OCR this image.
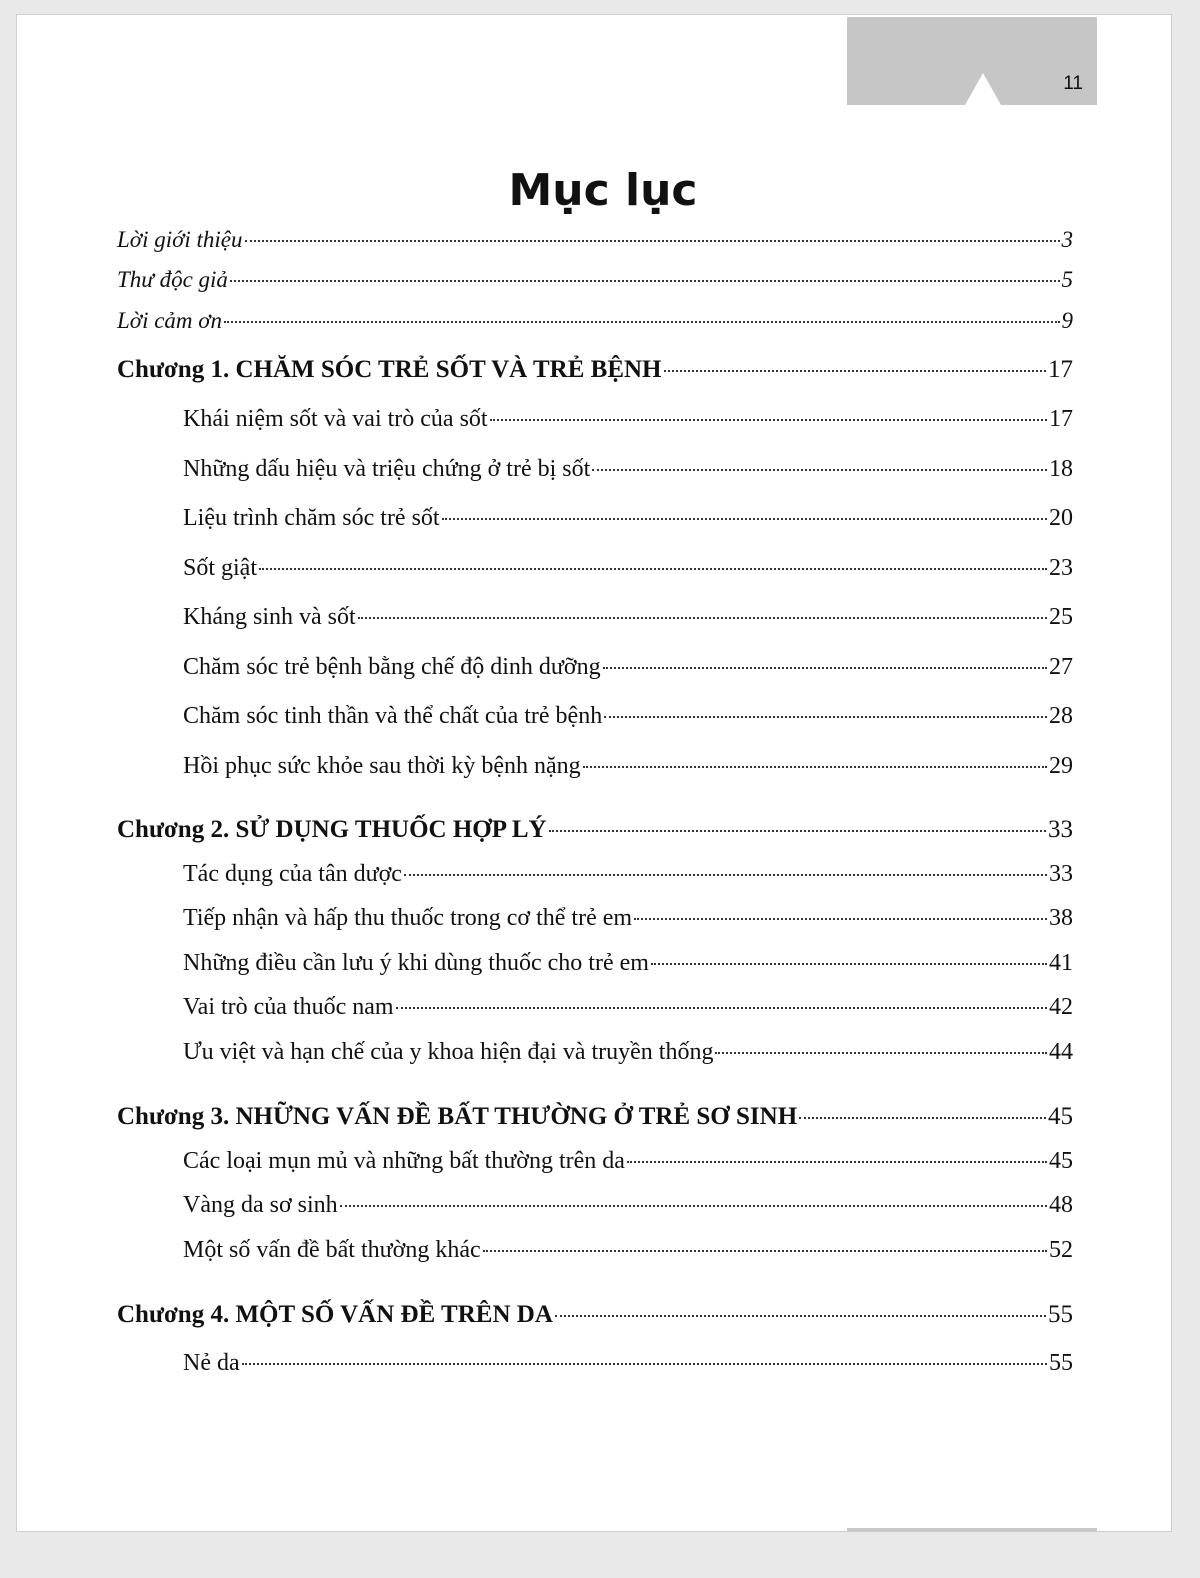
11
Mục lục
Lời giới thiệu	3
Thư độc giả	5
Lời cảm ơn	9
Chương 1. CHĂM SÓC TRẺ SỐT VÀ TRẺ BỆNH	17
Khái niệm sốt và vai trò của sốt	17
Những dấu hiệu và triệu chứng ở trẻ bị sốt	18
Liệu trình chăm sóc trẻ sốt	20
Sốt giật	23
Kháng sinh và sốt	25
Chăm sóc trẻ bệnh bằng chế độ dinh dưỡng	27
Chăm sóc tinh thần và thể chất của trẻ bệnh	28
Hồi phục sức khỏe sau thời kỳ bệnh nặng	29
Chương 2. SỬ DỤNG THUỐC HỢP LÝ	33
Tác dụng của tân dược	33
Tiếp nhận và hấp thu thuốc trong cơ thể trẻ em	38
Những điều cần lưu ý khi dùng thuốc cho trẻ em	41
Vai trò của thuốc nam	42
Ưu việt và hạn chế của y khoa hiện đại và truyền thống	44
Chương 3. NHỮNG VẤN ĐỀ BẤT THƯỜNG Ở TRẺ SƠ SINH	45
Các loại mụn mủ và những bất thường trên da	45
Vàng da sơ sinh	48
Một số vấn đề bất thường khác	52
Chương 4. MỘT SỐ VẤN ĐỀ TRÊN DA	55
Nẻ da	55
